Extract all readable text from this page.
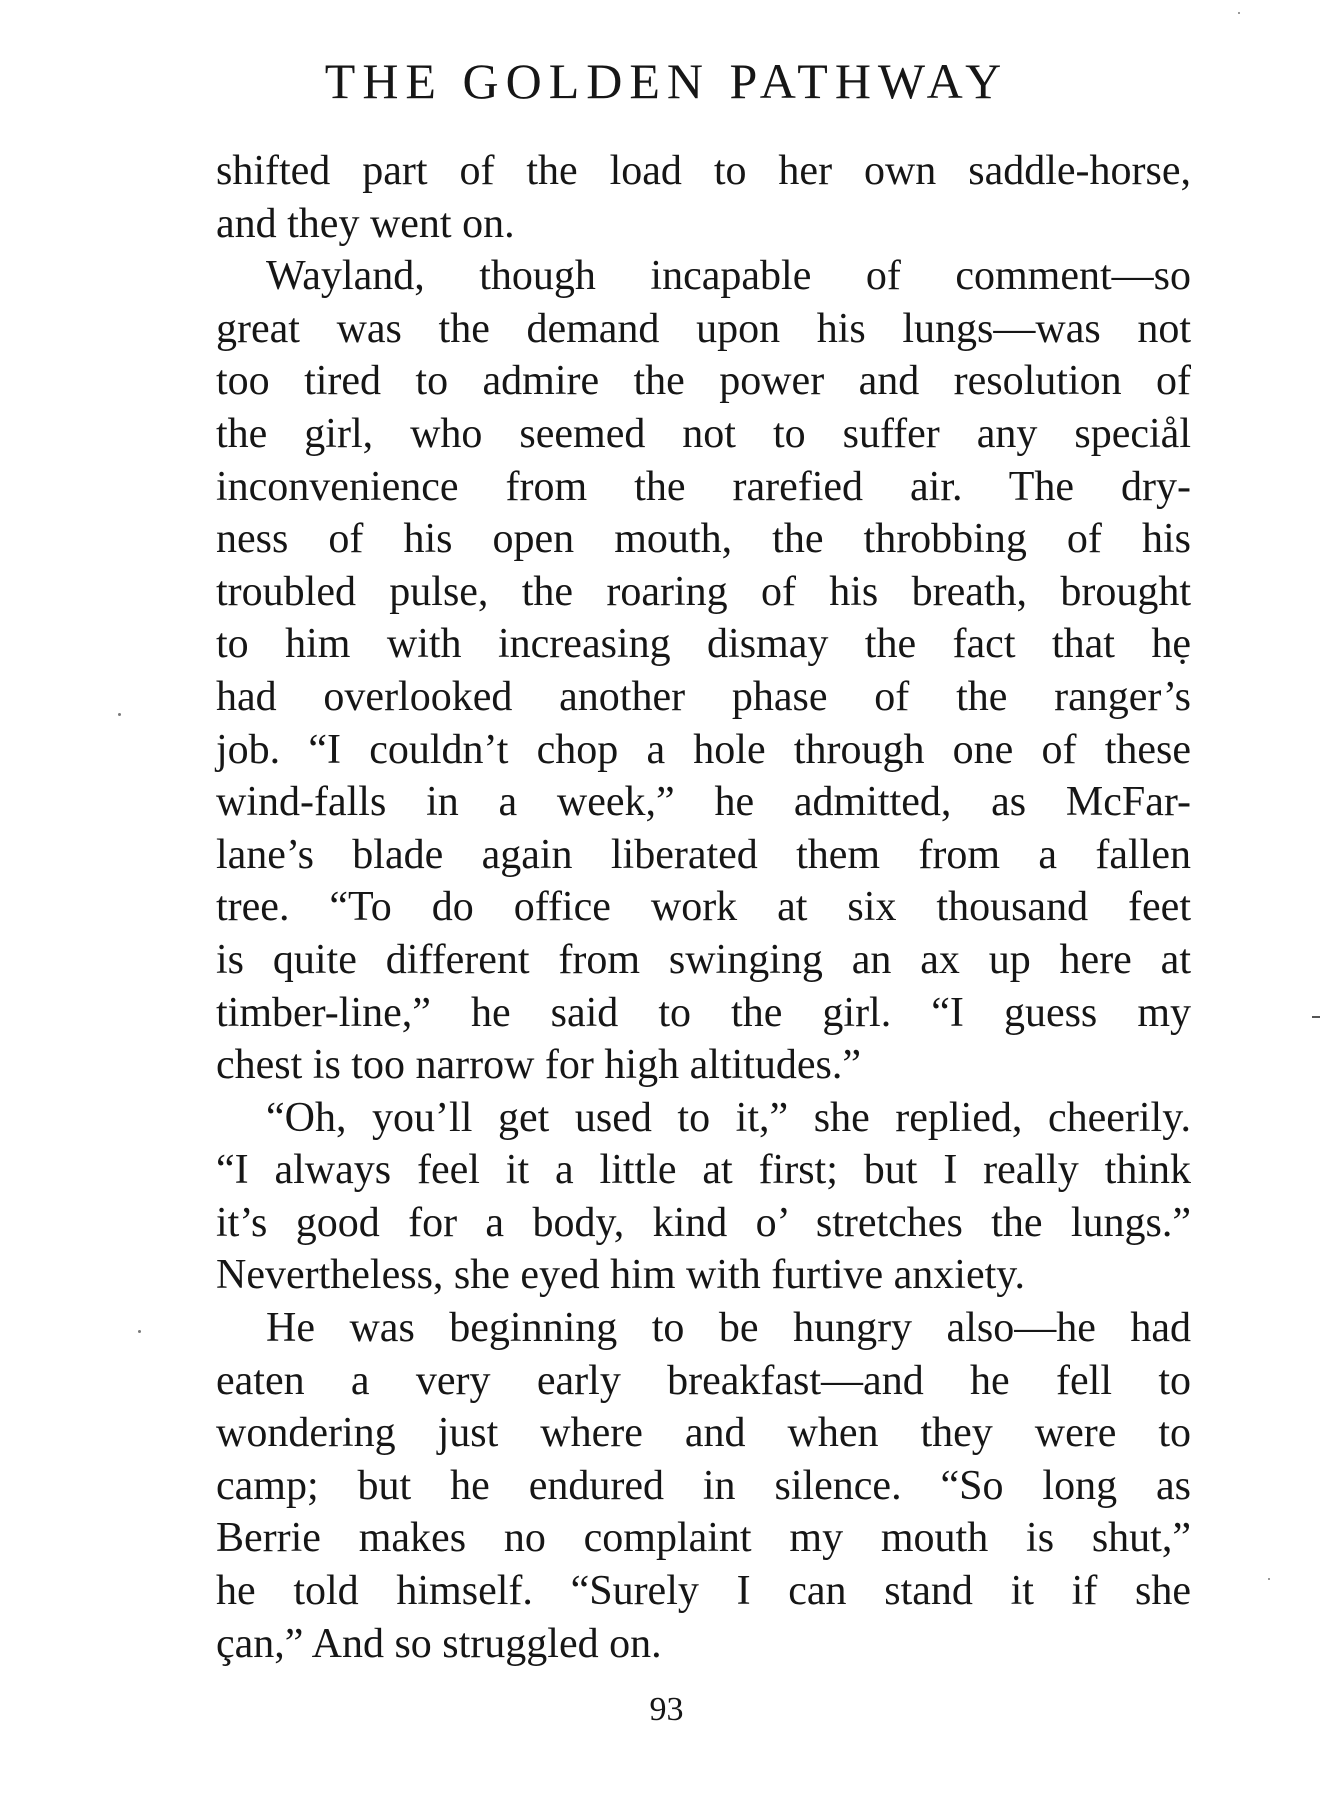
THE GOLDEN PATHWAY
shifted part of the load to her own saddle-horse,
and they went on.
Wayland, though incapable of comment—so
great was the demand upon his lungs—was not
too tired to admire the power and resolution of
the girl, who seemed not to suffer any speciål
inconvenience from the rarefied air. The dry-
ness of his open mouth, the throbbing of his
troubled pulse, the roaring of his breath, brought
to him with increasing dismay the fact that hẹ
had overlooked another phase of the ranger’s
job. “I couldn’t chop a hole through one of these
wind-falls in a week,” he admitted, as McFar-
lane’s blade again liberated them from a fallen
tree. “To do office work at six thousand feet
is quite different from swinging an ax up here at
timber-line,” he said to the girl. “I guess my
chest is too narrow for high altitudes.”
“Oh, you’ll get used to it,” she replied, cheerily.
“I always feel it a little at first; but I really think
it’s good for a body, kind o’ stretches the lungs.”
Nevertheless, she eyed him with furtive anxiety.
He was beginning to be hungry also—he had
eaten a very early breakfast—and he fell to
wondering just where and when they were to
camp; but he endured in silence. “So long as
Berrie makes no complaint my mouth is shut,”
he told himself. “Surely I can stand it if she
çan,” And so struggled on.
93
